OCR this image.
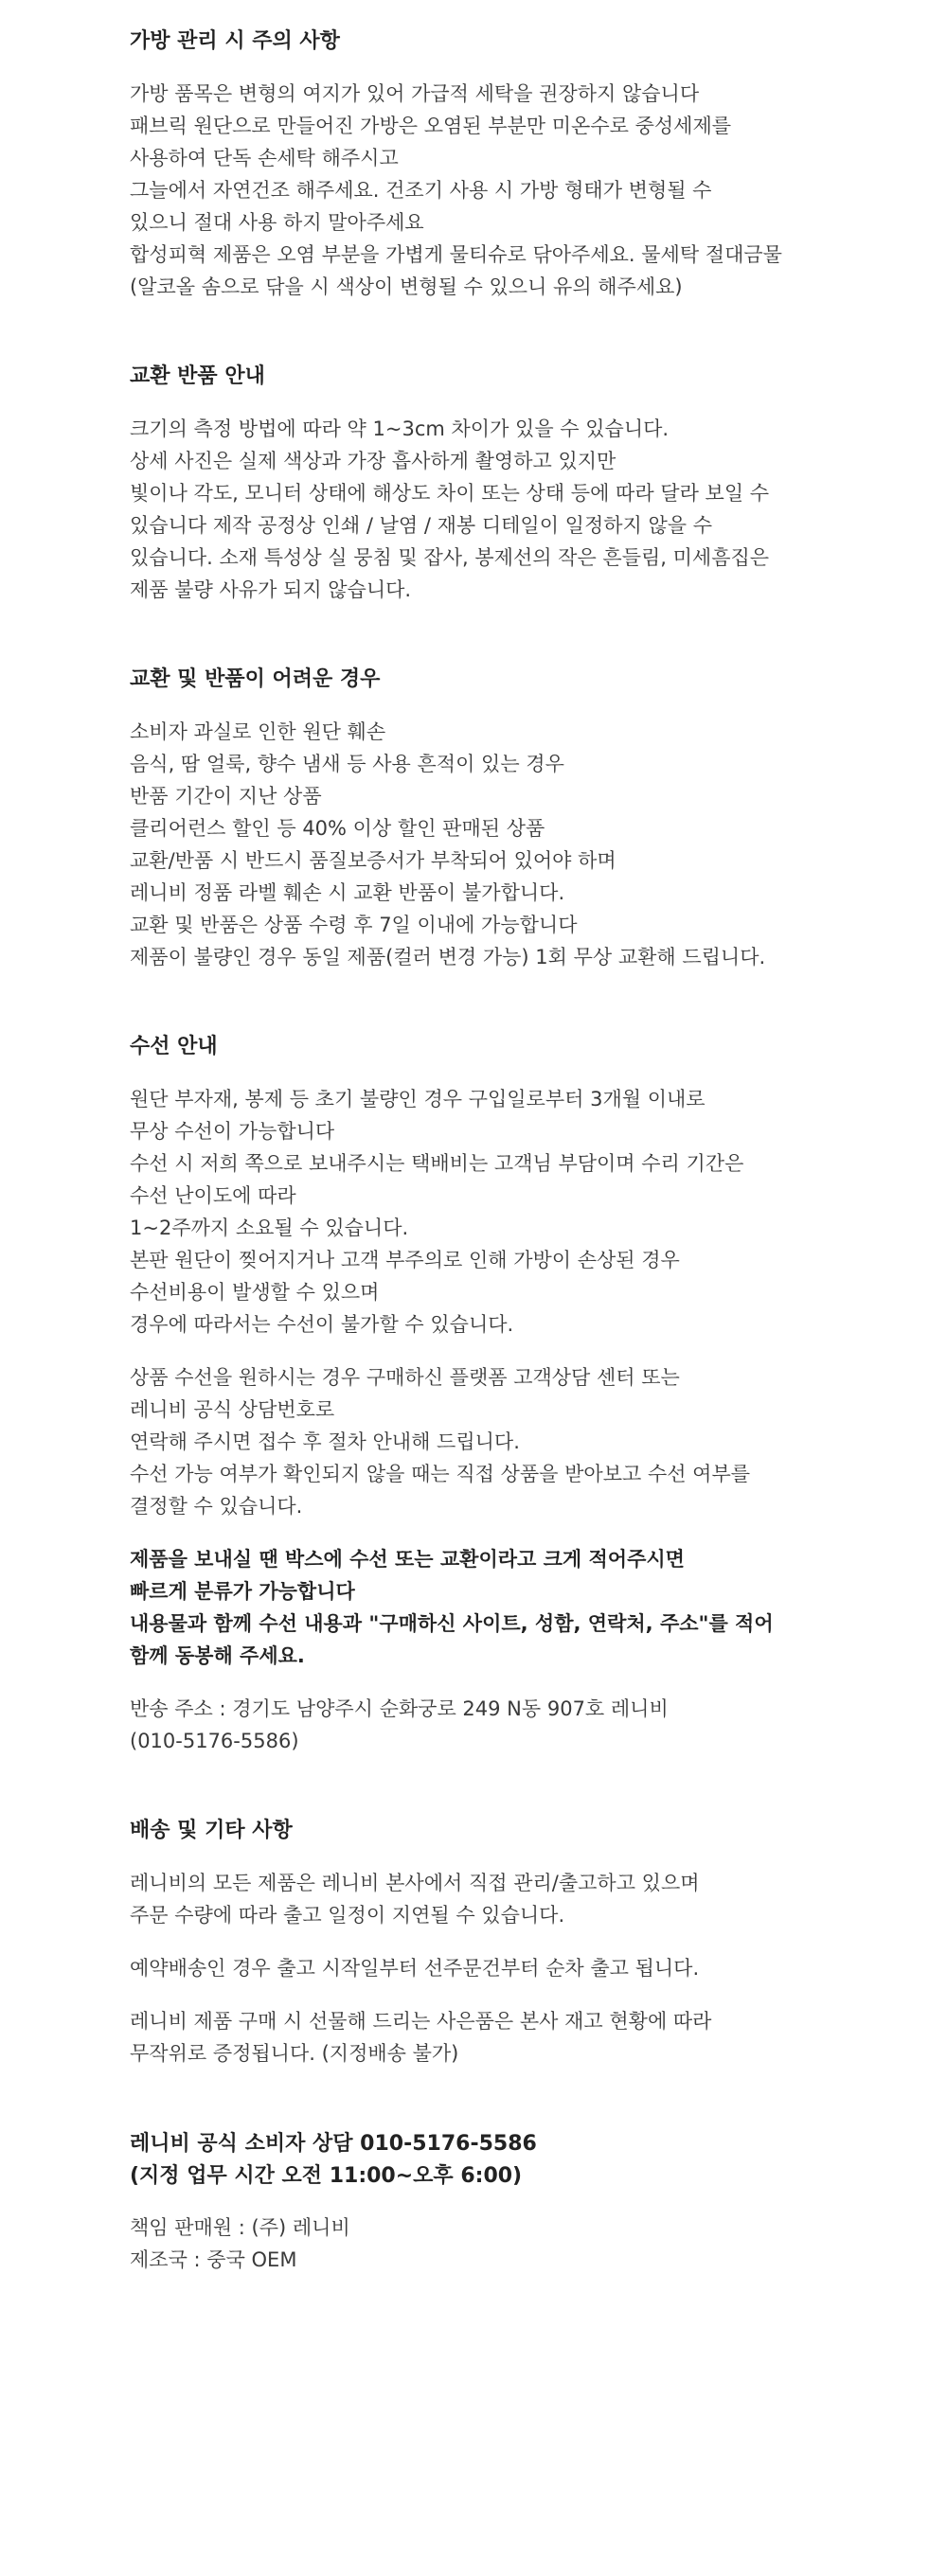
가방 관리 시 주의 사항

가방 품목은 변형의 여지가 있어 가급적 세탁을 권장하지 않습니다
패브릭 원단으로 만들어진 가방은 오염된 부분만 미온수로 중성세제를
사용하여 단독 손세탁 해주시고
그늘에서 자연건조 해주세요. 건조기 사용 시 가방 형태가 변형될 수
있으니 절대 사용 하지 말아주세요
합성피혁 제품은 오염 부분을 가볍게 물티슈로 닦아주세요. 물세탁 절대금물
(알코올 솜으로 닦을 시 색상이 변형될 수 있으니 유의 해주세요)

교환 반품 안내

크기의 측정 방법에 따라 약 1~3cm 차이가 있을 수 있습니다.
상세 사진은 실제 색상과 가장 흡사하게 촬영하고 있지만
빛이나 각도, 모니터 상태에 해상도 차이 또는 상태 등에 따라 달라 보일 수
있습니다 제작 공정상 인쇄 / 날염 / 재봉 디테일이 일정하지 않을 수
있습니다. 소재 특성상 실 뭉침 및 잡사, 봉제선의 작은 흔들림, 미세흠집은
제품 불량 사유가 되지 않습니다.

교환 및 반품이 어려운 경우

소비자 과실로 인한 원단 훼손
음식, 땀 얼룩, 향수 냄새 등 사용 흔적이 있는 경우
반품 기간이 지난 상품
클리어런스 할인 등 40% 이상 할인 판매된 상품
교환/반품 시 반드시 품질보증서가 부착되어 있어야 하며
레니비 정품 라벨 훼손 시 교환 반품이 불가합니다.
교환 및 반품은 상품 수령 후 7일 이내에 가능합니다
제품이 불량인 경우 동일 제품(컬러 변경 가능) 1회 무상 교환해 드립니다.

수선 안내

원단 부자재, 봉제 등 초기 불량인 경우 구입일로부터 3개월 이내로
무상 수선이 가능합니다
수선 시 저희 쪽으로 보내주시는 택배비는 고객님 부담이며 수리 기간은
수선 난이도에 따라
1~2주까지 소요될 수 있습니다.
본판 원단이 찢어지거나 고객 부주의로 인해 가방이 손상된 경우
수선비용이 발생할 수 있으며
경우에 따라서는 수선이 불가할 수 있습니다.

상품 수선을 원하시는 경우 구매하신 플랫폼 고객상담 센터 또는
레니비 공식 상담번호로
연락해 주시면 접수 후 절차 안내해 드립니다.
수선 가능 여부가 확인되지 않을 때는 직접 상품을 받아보고 수선 여부를
결정할 수 있습니다.

제품을 보내실 땐 박스에 수선 또는 교환이라고 크게 적어주시면
빠르게 분류가 가능합니다
내용물과 함께 수선 내용과 "구매하신 사이트, 성함, 연락처, 주소"를 적어
함께 동봉해 주세요.

반송 주소 : 경기도 남양주시 순화궁로 249 N동 907호 레니비
(010-5176-5586)

배송 및 기타 사항

레니비의 모든 제품은 레니비 본사에서 직접 관리/출고하고 있으며
주문 수량에 따라 출고 일정이 지연될 수 있습니다.

예약배송인 경우 출고 시작일부터 선주문건부터 순차 출고 됩니다.

레니비 제품 구매 시 선물해 드리는 사은품은 본사 재고 현황에 따라
무작위로 증정됩니다. (지정배송 불가)

레니비 공식 소비자 상담 010-5176-5586
(지정 업무 시간 오전 11:00~오후 6:00)

책임 판매원 : (주) 레니비
제조국 : 중국 OEM
